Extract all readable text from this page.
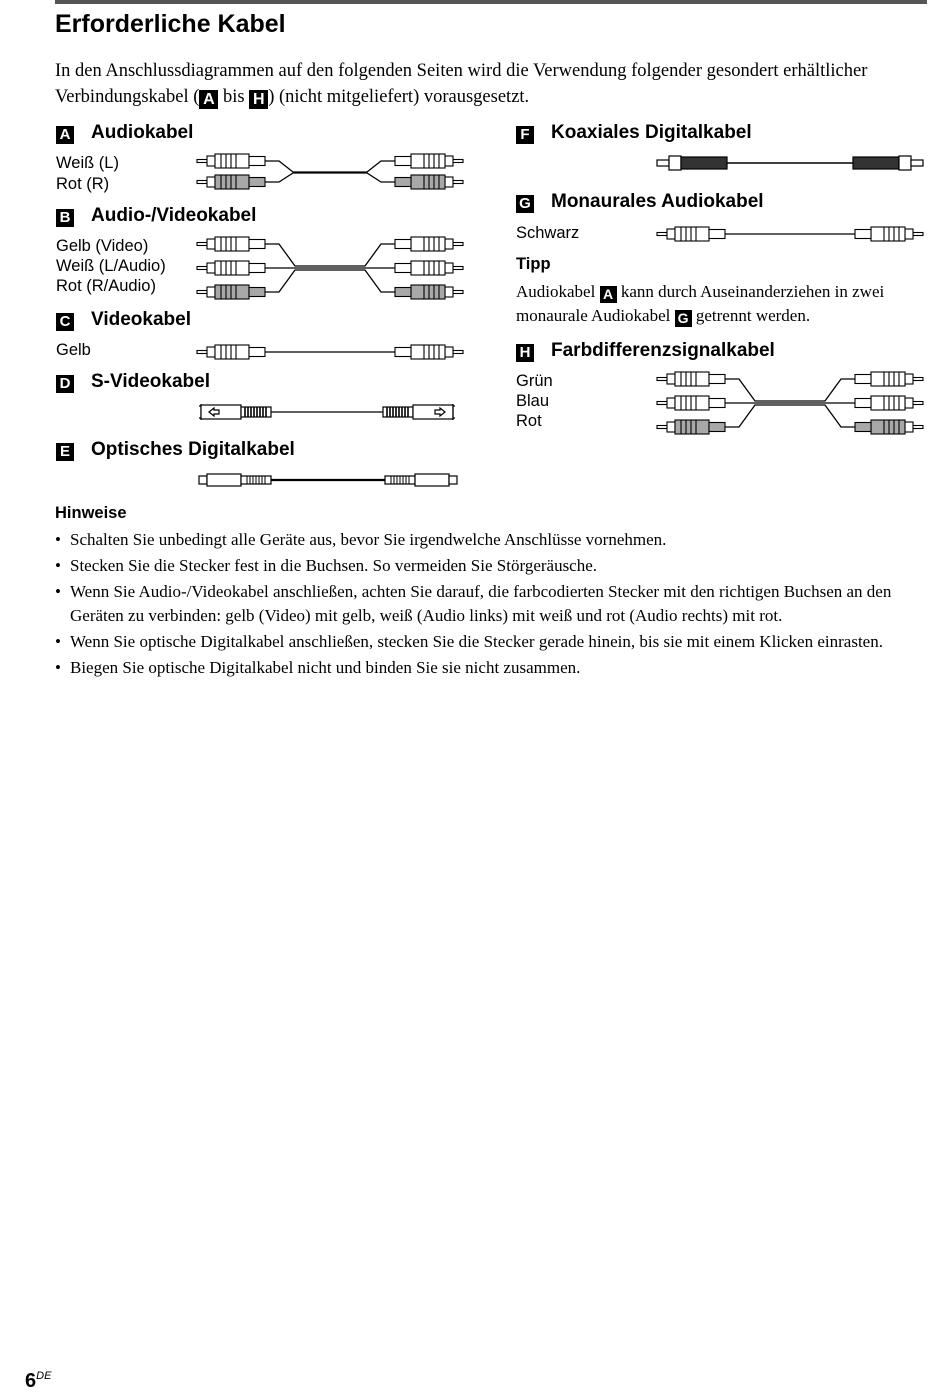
Erforderliche Kabel
In den Anschlussdiagrammen auf den folgenden Seiten wird die Verwendung folgender gesondert erhältlicher Verbindungskabel ( A bis H ) (nicht mitgeliefert) vorausgesetzt.
A Audiokabel
Weiß (L)
Rot (R)
B Audio-/Videokabel
Gelb (Video)
Weiß (L/Audio)
Rot (R/Audio)
C Videokabel
Gelb
D S-Videokabel
E Optisches Digitalkabel
F Koaxiales Digitalkabel
G Monaurales Audiokabel
Schwarz
Tipp
Audiokabel A kann durch Auseinanderziehen in zwei monaurale Audiokabel G getrennt werden.
H Farbdifferenzsignalkabel
Grün
Blau
Rot
Hinweise
• Schalten Sie unbedingt alle Geräte aus, bevor Sie irgendwelche Anschlüsse vornehmen.
• Stecken Sie die Stecker fest in die Buchsen. So vermeiden Sie Störgeräusche.
• Wenn Sie Audio-/Videokabel anschließen, achten Sie darauf, die farbcodierten Stecker mit den richtigen Buchsen an den Geräten zu verbinden: gelb (Video) mit gelb, weiß (Audio links) mit weiß und rot (Audio rechts) mit rot.
• Wenn Sie optische Digitalkabel anschließen, stecken Sie die Stecker gerade hinein, bis sie mit einem Klicken einrasten.
• Biegen Sie optische Digitalkabel nicht und binden Sie sie nicht zusammen.
6DE
